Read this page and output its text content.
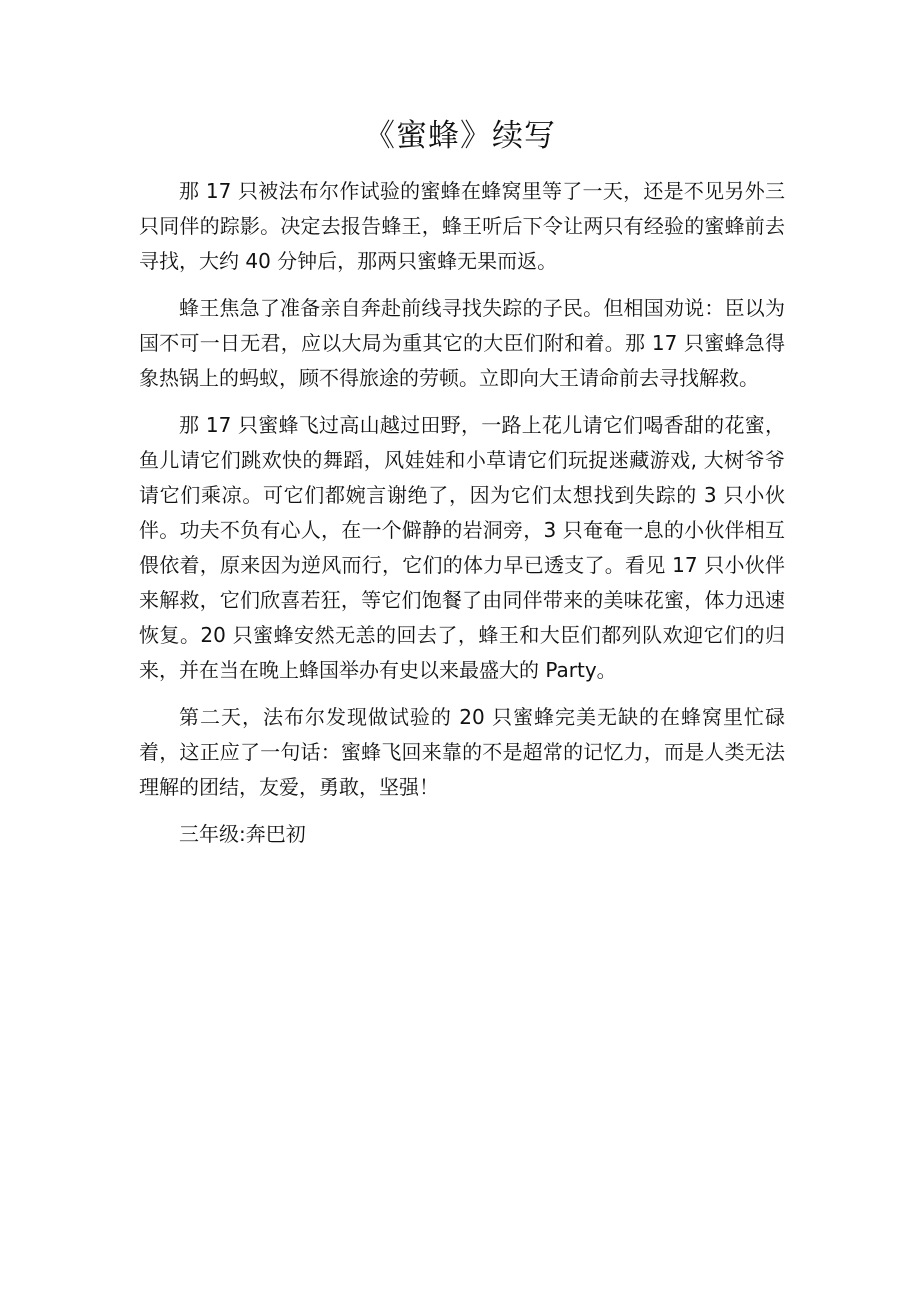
《蜜蜂》续写

那 17 只被法布尔作试验的蜜蜂在蜂窝里等了一天，还是不见另外三只同伴的踪影。决定去报告蜂王，蜂王听后下令让两只有经验的蜜蜂前去寻找，大约 40 分钟后，那两只蜜蜂无果而返。

蜂王焦急了准备亲自奔赴前线寻找失踪的子民。但相国劝说：臣以为国不可一日无君，应以大局为重其它的大臣们附和着。那 17 只蜜蜂急得象热锅上的蚂蚁，顾不得旅途的劳顿。立即向大王请命前去寻找解救。

那 17 只蜜蜂飞过高山越过田野，一路上花儿请它们喝香甜的花蜜，鱼儿请它们跳欢快的舞蹈，风娃娃和小草请它们玩捉迷藏游戏, 大树爷爷请它们乘凉。可它们都婉言谢绝了，因为它们太想找到失踪的 3 只小伙伴。功夫不负有心人，在一个僻静的岩洞旁，3 只奄奄一息的小伙伴相互偎依着，原来因为逆风而行，它们的体力早已透支了。看见 17 只小伙伴来解救，它们欣喜若狂，等它们饱餐了由同伴带来的美味花蜜，体力迅速恢复。20 只蜜蜂安然无恙的回去了，蜂王和大臣们都列队欢迎它们的归来，并在当在晚上蜂国举办有史以来最盛大的 Party。

第二天，法布尔发现做试验的 20 只蜜蜂完美无缺的在蜂窝里忙碌着，这正应了一句话：蜜蜂飞回来靠的不是超常的记忆力，而是人类无法理解的团结，友爱，勇敢，坚强！

三年级:奔巴初
